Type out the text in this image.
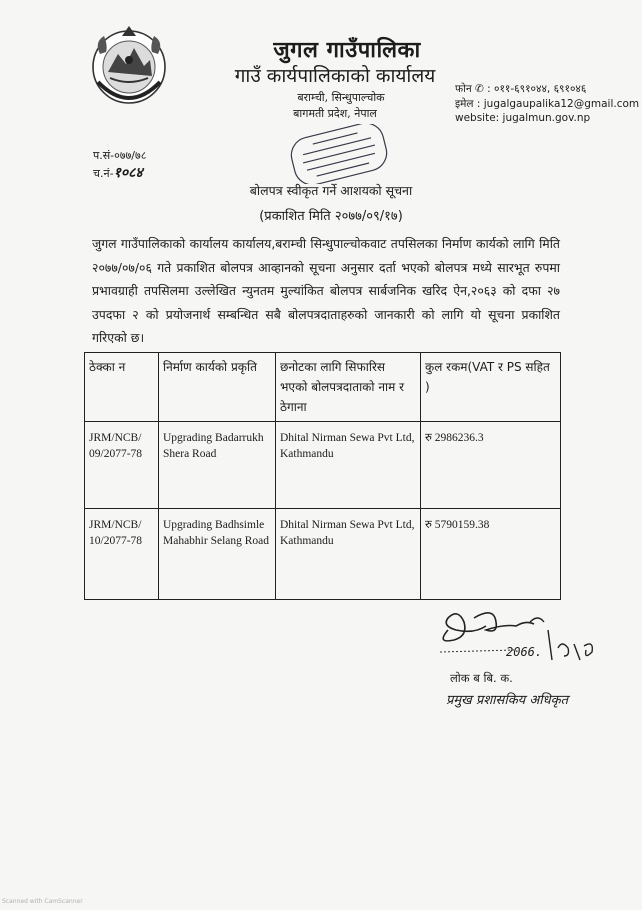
जुगल गाउँपालिका
गाउँ कार्यपालिकाको कार्यालय
बराम्ची, सिन्धुपाल्चोक
बागमती प्रदेश, नेपाल
फोन ✆ : ०११-६९१०४४, ६९१०४६
इमेल : jugalgaupalika12@gmail.com
website: jugalmun.gov.np
प.सं-०७७/७८
च.नं-१०८४
बोलपत्र स्वीकृत गर्ने आशयको सूचना
(प्रकाशित मिति २०७७/०९/१७)
जुगल गाउँपालिकाको कार्यालय कार्यालय,बराम्ची सिन्धुपाल्चोकवाट तपसिलका निर्माण कार्यको लागि मिति २०७७/०७/०६ गते प्रकाशित बोलपत्र आव्हानको सूचना अनुसार दर्ता भएको बोलपत्र मध्ये सारभूत रुपमा प्रभावग्राही तपसिलमा उल्लेखित न्युनतम मुल्यांकित बोलपत्र सार्बजनिक खरिद ऐन,२०६३ को दफा २७ उपदफा २ को प्रयोजनार्थ सम्बन्धित सबै बोलपत्रदाताहरुको जानकारी को लागि यो सूचना प्रकाशित गरिएको छ।
ठेक्का न	निर्माण कार्यको प्रकृति	छनोटका लागि सिफारिस भएको बोलपत्रदाताको नाम र ठेगाना	कुल रकम(VAT र PS सहित )
JRM/NCB/ 09/2077-78	Upgrading Badarrukh Shera Road	Dhital Nirman Sewa Pvt Ltd, Kathmandu	रु 2986236.3
JRM/NCB/ 10/2077-78	Upgrading Badhsimle Mahabhir Selang Road	Dhital Nirman Sewa Pvt Ltd, Kathmandu	रु 5790159.38
2066.
लोक ब बि. क.
प्रमुख प्रशासकिय अधिकृत
Scanned with CamScanner
